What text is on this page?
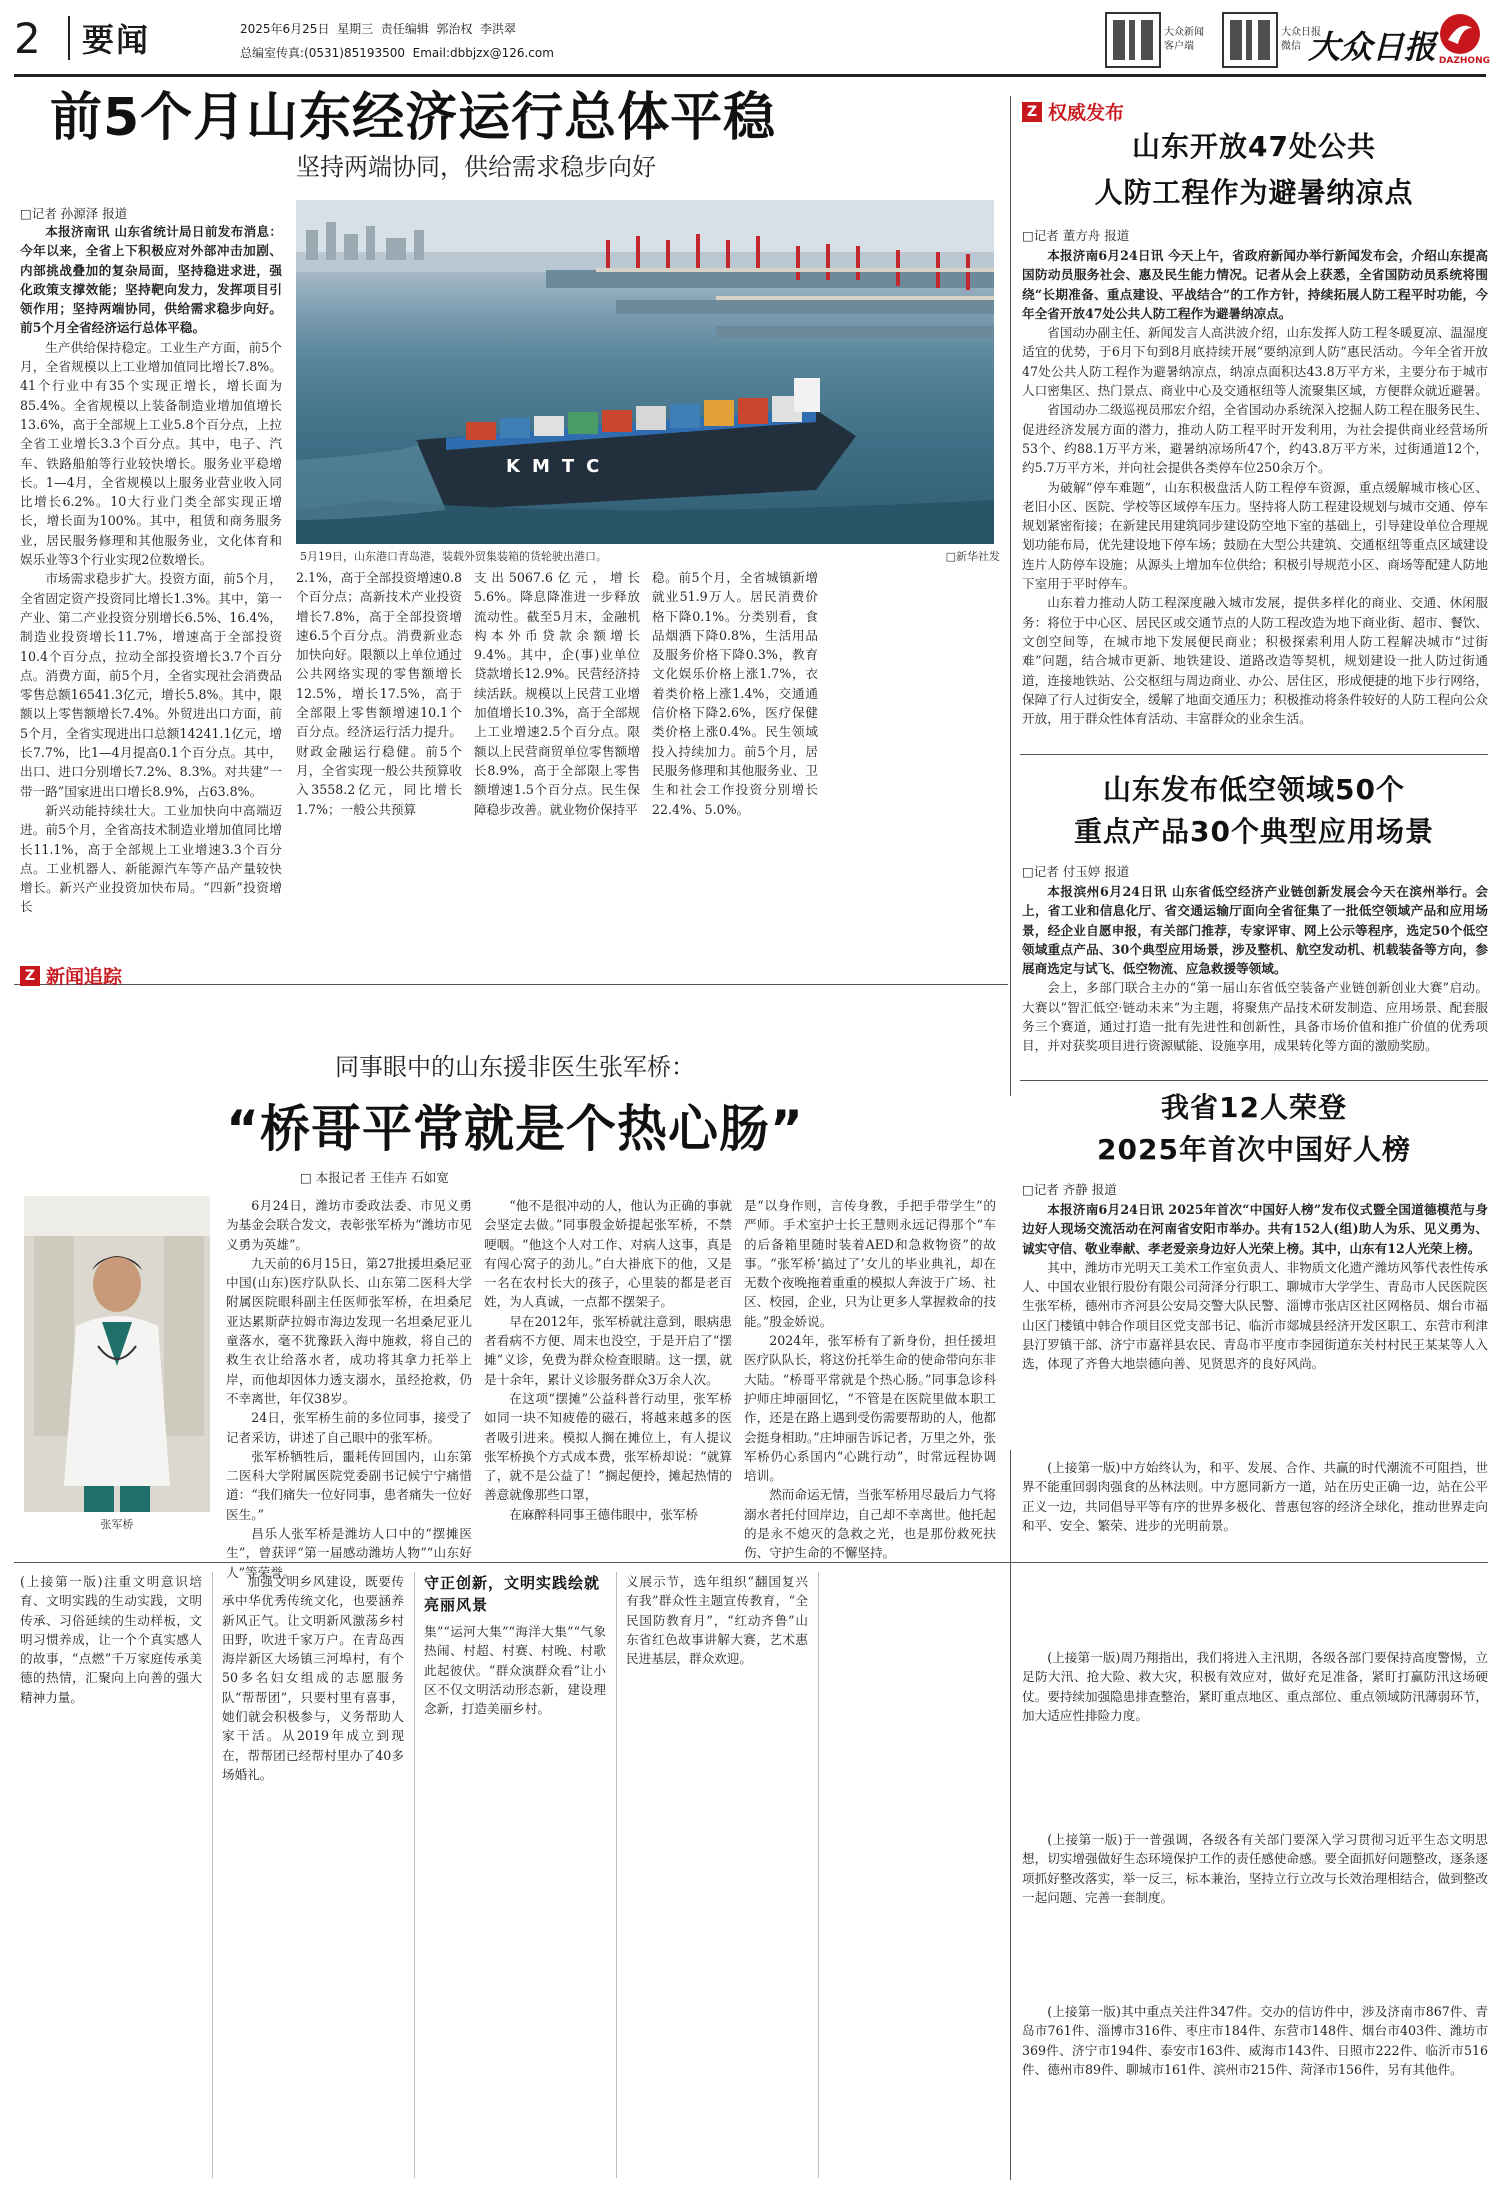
2 要闻	2025年6月25日  星期三  责任编辑  郭治权  李洪翠
总编室传真:(0531)85193500  Email:dbbjzx@126.com
大众新闻
客户端
大众日报
微信 大众日报 DAZHONG
前5个月山东经济运行总体平稳
坚持两端协同，供给需求稳步向好
□记者 孙源泽 报道

本报济南讯 山东省统计局日前发布消息：今年以来，全省上下积极应对外部冲击加剧、内部挑战叠加的复杂局面，坚持稳进求进，强化政策支撑效能；坚持靶向发力，发挥项目引领作用；坚持两端协同，供给需求稳步向好。前5个月全省经济运行总体平稳。

生产供给保持稳定。工业生产方面，前5个月，全省规模以上工业增加值同比增长7.8%。41个行业中有35个实现正增长，增长面为85.4%。全省规模以上装备制造业增加值增长13.6%，高于全部规上工业5.8个百分点，上拉全省工业增长3.3个百分点。其中，电子、汽车、铁路船舶等行业较快增长。服务业平稳增长。1—4月，全省规模以上服务业营业收入同比增长6.2%。10大行业门类全部实现正增长，增长面为100%。其中，租赁和商务服务业，居民服务修理和其他服务业，文化体育和娱乐业等3个行业实现2位数增长。

市场需求稳步扩大。投资方面，前5个月，全省固定资产投资同比增长1.3%。其中，第一产业、第二产业投资分别增长6.5%、16.4%，制造业投资增长11.7%，增速高于全部投资10.4个百分点，拉动全部投资增长3.7个百分点。消费方面，前5个月，全省实现社会消费品零售总额16541.3亿元，增长5.8%。其中，限额以上零售额增长7.4%。外贸进出口方面，前5个月，全省实现进出口总额14241.1亿元，增长7.7%，比1—4月提高0.1个百分点。其中，出口、进口分别增长7.2%、8.3%。对共建“一带一路”国家进出口增长8.9%，占63.8%。

新兴动能持续壮大。工业加快向中高端迈进。前5个月，全省高技术制造业增加值同比增长11.1%，高于全部规上工业增速3.3个百分点。工业机器人、新能源汽车等产品产量较快增长。新兴产业投资加快布局。“四新”投资增长

KMTC
5月19日，山东港口青岛港，装载外贸集装箱的货轮驶出港口。	□新华社发

2.1%，高于全部投资增速0.8个百分点；高新技术产业投资增长7.8%，高于全部投资增速6.5个百分点。消费新业态加快向好。限额以上单位通过公共网络实现的零售额增长12.5%，增长17.5%，高于全部限上零售额增速10.1个百分点。经济运行活力提升。财政金融运行稳健。前5个月，全省实现一般公共预算收入3558.2亿元，同比增长1.7%；一般公共预算

支出5067.6亿元，增长5.6%。降息降准进一步释放流动性。截至5月末，金融机构本外币贷款余额增长9.4%。其中，企(事)业单位贷款增长12.9%。民营经济持续活跃。规模以上民营工业增加值增长10.3%，高于全部规上工业增速2.5个百分点。限额以上民营商贸单位零售额增长8.9%，高于全部限上零售额增速1.5个百分点。民生保障稳步改善。就业物价保持平

稳。前5个月，全省城镇新增就业51.9万人。居民消费价格下降0.1%。分类别看，食品烟酒下降0.8%，生活用品及服务价格下降0.3%，教育文化娱乐价格上涨1.7%，衣着类价格上涨1.4%，交通通信价格下降2.6%，医疗保健类价格上涨0.4%。民生领域投入持续加力。前5个月，居民服务修理和其他服务业、卫生和社会工作投资分别增长22.4%、5.0%。

Z 权威发布
山东开放47处公共
人防工程作为避暑纳凉点
□记者 董方舟 报道

本报济南6月24日讯 今天上午，省政府新闻办举行新闻发布会，介绍山东提高国防动员服务社会、惠及民生能力情况。记者从会上获悉，全省国防动员系统将围绕“长期准备、重点建设、平战结合”的工作方针，持续拓展人防工程平时功能，今年全省开放47处公共人防工程作为避暑纳凉点。

省国动办副主任、新闻发言人高洪波介绍，山东发挥人防工程冬暖夏凉、温湿度适宜的优势，于6月下旬到8月底持续开展“要纳凉到人防”惠民活动。今年全省开放47处公共人防工程作为避暑纳凉点，纳凉点面积达43.8万平方米，主要分布于城市人口密集区、热门景点、商业中心及交通枢纽等人流聚集区域，方便群众就近避暑。

省国动办二级巡视员邢宏介绍，全省国动办系统深入挖掘人防工程在服务民生、促进经济发展方面的潜力，推动人防工程平时开发利用，为社会提供商业经营场所53个、约88.1万平方米，避暑纳凉场所47个，约43.8万平方米，过街通道12个，约5.7万平方米，并向社会提供各类停车位250余万个。

为破解“停车难题”，山东积极盘活人防工程停车资源，重点缓解城市核心区、老旧小区、医院、学校等区域停车压力。坚持将人防工程建设规划与城市交通、停车规划紧密衔接；在新建民用建筑同步建设防空地下室的基础上，引导建设单位合理规划功能布局，优先建设地下停车场；鼓励在大型公共建筑、交通枢纽等重点区域建设连片人防停车设施；从源头上增加车位供给；积极引导规范小区、商场等配建人防地下室用于平时停车。

山东着力推动人防工程深度融入城市发展，提供多样化的商业、交通、休闲服务：将位于中心区、居民区或交通节点的人防工程改造为地下商业街、超市、餐饮、文创空间等，在城市地下发展便民商业；积极探索利用人防工程解决城市“过街难”问题，结合城市更新、地铁建设、道路改造等契机，规划建设一批人防过街通道，连接地铁站、公交枢纽与周边商业、办公、居住区，形成便捷的地下步行网络，保障了行人过街安全，缓解了地面交通压力；积极推动将条件较好的人防工程向公众开放，用于群众性体育活动、丰富群众的业余生活。

山东发布低空领域50个
重点产品30个典型应用场景
□记者 付玉婷 报道

本报滨州6月24日讯 山东省低空经济产业链创新发展会今天在滨州举行。会上，省工业和信息化厅、省交通运输厅面向全省征集了一批低空领域产品和应用场景，经企业自愿申报，有关部门推荐，专家评审、网上公示等程序，选定50个低空领域重点产品、30个典型应用场景，涉及整机、航空发动机、机载装备等方向，参展商选定与试飞、低空物流、应急救援等领域。

会上，多部门联合主办的“第一届山东省低空装备产业链创新创业大赛”启动。大赛以“智汇低空·链动未来”为主题，将聚焦产品技术研发制造、应用场景、配套服务三个赛道，通过打造一批有先进性和创新性，具备市场价值和推广价值的优秀项目，并对获奖项目进行资源赋能、设施享用，成果转化等方面的激励奖励。

我省12人荣登
2025年首次中国好人榜
□记者 齐静 报道

本报济南6月24日讯 2025年首次“中国好人榜”发布仪式暨全国道德模范与身边好人现场交流活动在河南省安阳市举办。共有152人(组)助人为乐、见义勇为、诚实守信、敬业奉献、孝老爱亲身边好人光荣上榜。其中，山东有12人光荣上榜。

其中，潍坊市光明天工美术工作室负责人、非物质文化遗产潍坊风筝代表性传承人、中国农业银行股份有限公司菏泽分行职工、聊城市大学学生、青岛市人民医院医生张军桥，德州市齐河县公安局交警大队民警、淄博市张店区社区网格员、烟台市福山区门楼镇中韩合作项目区党支部书记、临沂市郯城县经济开发区职工、东营市利津县汀罗镇干部、济宁市嘉祥县农民、青岛市平度市李园街道东关村村民王某某等人入选，体现了齐鲁大地崇德向善、见贤思齐的良好风尚。

Z 新闻追踪
同事眼中的山东援非医生张军桥：
“桥哥平常就是个热心肠”
□ 本报记者 王佳卉 石如宽
张军桥

6月24日，潍坊市委政法委、市见义勇为基金会联合发文，表彰张军桥为“潍坊市见义勇为英雄”。

九天前的6月15日，第27批援坦桑尼亚中国(山东)医疗队队长、山东第二医科大学附属医院眼科副主任医师张军桥，在坦桑尼亚达累斯萨拉姆市海边发现一名坦桑尼亚儿童落水，毫不犹豫跃入海中施救，将自己的救生衣让给落水者，成功将其拿力托举上岸，而他却因体力透支溺水，虽经抢救，仍不幸离世，年仅38岁。

24日，张军桥生前的多位同事，接受了记者采访，讲述了自己眼中的张军桥。

张军桥牺牲后，噩耗传回国内，山东第二医科大学附属医院党委副书记候宁宁痛惜道：“我们痛失一位好同事，患者痛失一位好医生。”

昌乐人张军桥是潍坊人口中的“摆摊医生”，曾获评“第一届感动潍坊人物”“山东好人”等荣誉。

“他不是很冲动的人，他认为正确的事就会坚定去做。”同事殷金娇提起张军桥，不禁哽咽。“他这个人对工作、对病人这事，真是有闯心窝子的劲儿。”白大褂底下的他，又是一名在农村长大的孩子，心里装的都是老百姓，为人真诚，一点都不摆架子。

早在2012年，张军桥就注意到，眼病患者看病不方便、周末也没空，于是开启了“摆摊”义诊，免费为群众检查眼睛。这一摆，就是十余年，累计义诊服务群众3万余人次。

在这项“摆摊”公益科普行动里，张军桥如同一块不知疲倦的磁石，将越来越多的医者吸引进来。模拟人搁在摊位上，有人提议张军桥换个方式成本费，张军桥却说：“就算了，就不是公益了！”搁起便拎，摊起热情的善意就像那些口罩，

在麻醉科同事王德伟眼中，张军桥

是“以身作则，言传身教，手把手带学生”的严师。手术室护士长王慧则永远记得那个“车的后备箱里随时装着AED和急救物资”的故事。“张军桥‘搞过了’女儿的毕业典礼，却在无数个夜晚拖着重重的模拟人奔波于广场、社区、校园，企业，只为让更多人掌握救命的技能。”殷金娇说。

2024年，张军桥有了新身份，担任援坦医疗队队长，将这份托举生命的使命带向东非大陆。“桥哥平常就是个热心肠。”同事急诊科护师庄坤丽回忆，“不管是在医院里做本职工作，还是在路上遇到受伤需要帮助的人，他都会挺身相助。”庄坤丽告诉记者，万里之外，张军桥仍心系国内“心跳行动”，时常远程协调培训。

然而命运无情，当张军桥用尽最后力气将溺水者托付回岸边，自己却不幸离世。他托起的是永不熄灭的急救之光，也是那份救死扶伤、守护生命的不懈坚持。

(上接第一版)注重文明意识培育、文明实践的生动实践，文明传承、习俗延续的生动样板，文明习惯养成，让一个个真实感人的故事，“点燃”千万家庭传承美德的热情，汇聚向上向善的强大精神力量。

加强文明乡风建设，既要传承中华优秀传统文化，也要涵养新风正气。让文明新风激荡乡村田野，吹进千家万户。在青岛西海岸新区大场镇三河埠村，有个50多名妇女组成的志愿服务队“帮帮团”，只要村里有喜事，她们就会积极参与，义务帮助人家干活。从2019年成立到现在，帮帮团已经帮村里办了40多场婚礼。

守正创新，文明实践绘就亮丽风景

集”“运河大集”“海洋大集”“气象热闹、村超、村赛、村晚、村歌此起彼伏。“群众演群众看”让小区不仅文明活动形态新，建设理念新，打造美丽乡村。

义展示节，选年组织“翻国复兴有我”群众性主题宣传教育，“全民国防教育月”，“红动齐鲁”山东省红色故事讲解大赛，艺术惠民进基层，群众欢迎。

(上接第一版)中方始终认为，和平、发展、合作、共赢的时代潮流不可阻挡，世界不能重回弱肉强食的丛林法则。中方愿同新方一道，站在历史正确一边，站在公平正义一边，共同倡导平等有序的世界多极化、普惠包容的经济全球化，推动世界走向和平、安全、繁荣、进步的光明前景。

(上接第一版)周乃翔指出，我们将进入主汛期，各级各部门要保持高度警惕，立足防大汛、抢大险、救大灾，积极有效应对，做好充足准备，紧盯打赢防汛这场硬仗。要持续加强隐患排查整治，紧盯重点地区、重点部位、重点领域防汛薄弱环节，加大适应性排险力度。

(上接第一版)于一普强调，各级各有关部门要深入学习贯彻习近平生态文明思想，切实增强做好生态环境保护工作的责任感使命感。要全面抓好问题整改，逐条逐项抓好整改落实，举一反三，标本兼治，坚持立行立改与长效治理相结合，做到整改一起问题、完善一套制度。

(上接第一版)其中重点关注件347件。交办的信访件中，涉及济南市867件、青岛市761件、淄博市316件、枣庄市184件、东营市148件、烟台市403件、潍坊市369件、济宁市194件、泰安市163件、威海市143件、日照市222件、临沂市516件、德州市89件、聊城市161件、滨州市215件、菏泽市156件，另有其他件。
